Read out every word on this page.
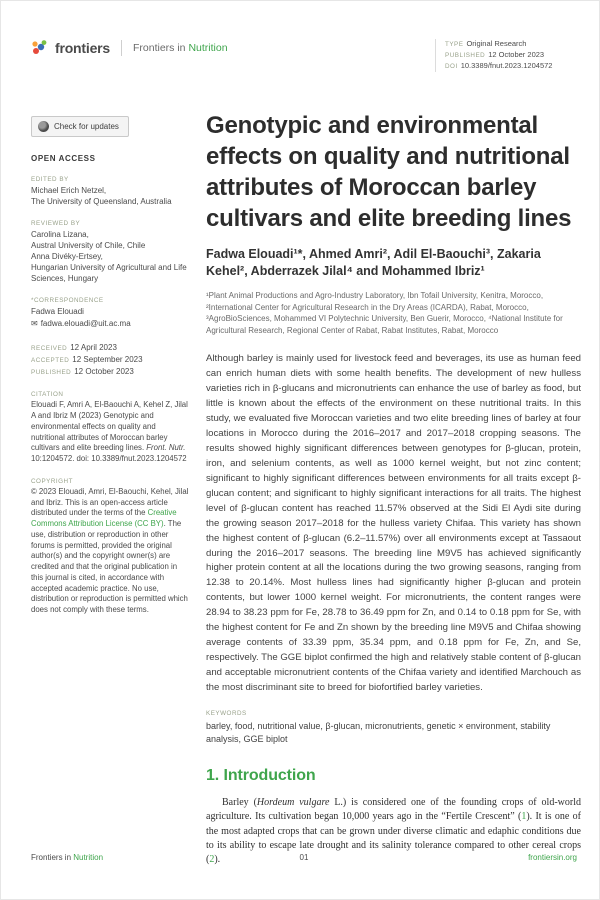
frontiers Frontiers in Nutrition	TYPE Original Research
PUBLISHED 12 October 2023
DOI 10.3389/fnut.2023.1204572
Check for updates
OPEN ACCESS
EDITED BY
Michael Erich Netzel,
The University of Queensland, Australia
REVIEWED BY
Carolina Lizana,
Austral University of Chile, Chile
Anna Divéky-Ertsey,
Hungarian University of Agricultural and Life Sciences, Hungary
*CORRESPONDENCE
Fadwa Elouadi
✉ fadwa.elouadi@uit.ac.ma
RECEIVED 12 April 2023
ACCEPTED 12 September 2023
PUBLISHED 12 October 2023
CITATION
Elouadi F, Amri A, El-Baouchi A, Kehel Z, Jilal A and Ibriz M (2023) Genotypic and environmental effects on quality and nutritional attributes of Moroccan barley cultivars and elite breeding lines. Front. Nutr. 10:1204572. doi: 10.3389/fnut.2023.1204572
COPYRIGHT
© 2023 Elouadi, Amri, El-Baouchi, Kehel, Jilal and Ibriz. This is an open-access article distributed under the terms of the Creative Commons Attribution License (CC BY). The use, distribution or reproduction in other forums is permitted, provided the original author(s) and the copyright owner(s) are credited and that the original publication in this journal is cited, in accordance with accepted academic practice. No use, distribution or reproduction is permitted which does not comply with these terms.
Genotypic and environmental effects on quality and nutritional attributes of Moroccan barley cultivars and elite breeding lines
Fadwa Elouadi¹*, Ahmed Amri², Adil El-Baouchi³, Zakaria Kehel², Abderrazek Jilal⁴ and Mohammed Ibriz¹
¹Plant Animal Productions and Agro-Industry Laboratory, Ibn Tofail University, Kenitra, Morocco, ²International Center for Agricultural Research in the Dry Areas (ICARDA), Rabat, Morocco, ³AgroBioSciences, Mohammed VI Polytechnic University, Ben Guerir, Morocco, ⁴National Institute for Agricultural Research, Regional Center of Rabat, Rabat Institutes, Rabat, Morocco

Although barley is mainly used for livestock feed and beverages, its use as human feed can enrich human diets with some health benefits. The development of new hulless varieties rich in β-glucans and micronutrients can enhance the use of barley as food, but little is known about the effects of the environment on these nutritional traits. In this study, we evaluated five Moroccan varieties and two elite breeding lines of barley at four locations in Morocco during the 2016–2017 and 2017–2018 cropping seasons. The results showed highly significant differences between genotypes for β-glucan, protein, iron, and selenium contents, as well as 1000 kernel weight, but not zinc content; significant to highly significant differences between environments for all traits except β-glucan content; and significant to highly significant interactions for all traits. The highest level of β-glucan content has reached 11.57% observed at the Sidi El Aydi site during the growing season 2017–2018 for the hulless variety Chifaa. This variety has shown the highest content of β-glucan (6.2–11.57%) over all environments except at Tassaout during the 2016–2017 seasons. The breeding line M9V5 has achieved significantly higher protein content at all the locations during the two growing seasons, ranging from 12.38 to 20.14%. Most hulless lines had significantly higher β-glucan and protein contents, but lower 1000 kernel weight. For micronutrients, the content ranges were 28.94 to 38.23 ppm for Fe, 28.78 to 36.49 ppm for Zn, and 0.14 to 0.18 ppm for Se, with the highest content for Fe and Zn shown by the breeding line M9V5 and Chifaa showing average contents of 33.39 ppm, 35.34 ppm, and 0.18 ppm for Fe, Zn, and Se, respectively. The GGE biplot confirmed the high and relatively stable content of β-glucan and acceptable micronutrient contents of the Chifaa variety and identified Marchouch as the most discriminant site to breed for biofortified barley varieties.

KEYWORDS
barley, food, nutritional value, β-glucan, micronutrients, genetic × environment, stability analysis, GGE biplot
1. Introduction

Barley (Hordeum vulgare L.) is considered one of the founding crops of old-world agriculture. Its cultivation began 10,000 years ago in the “Fertile Crescent” (1). It is one of the most adapted crops that can be grown under diverse climatic and edaphic conditions due to its ability to escape late drought and its salinity tolerance compared to other cereal crops (2).

Frontiers in Nutrition	01	frontiersin.org
